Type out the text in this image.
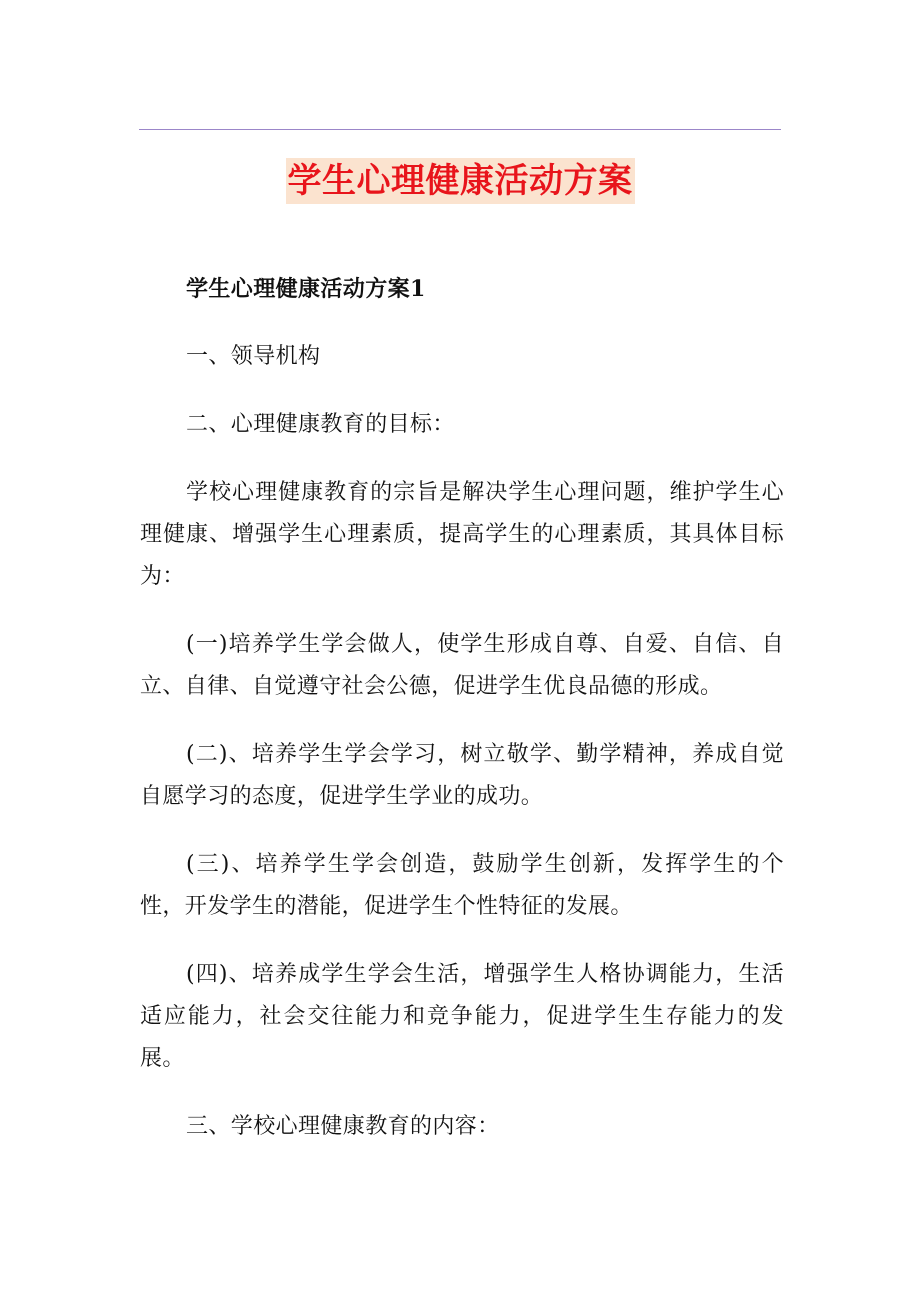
学生心理健康活动方案

学生心理健康活动方案1

一、领导机构

二、心理健康教育的目标：

学校心理健康教育的宗旨是解决学生心理问题，维护学生心理健康、增强学生心理素质，提高学生的心理素质，其具体目标为：

(一)培养学生学会做人，使学生形成自尊、自爱、自信、自立、自律、自觉遵守社会公德，促进学生优良品德的形成。

(二)、培养学生学会学习，树立敬学、勤学精神，养成自觉自愿学习的态度，促进学生学业的成功。

(三)、培养学生学会创造，鼓励学生创新，发挥学生的个性，开发学生的潜能，促进学生个性特征的发展。

(四)、培养成学生学会生活，增强学生人格协调能力，生活适应能力，社会交往能力和竞争能力，促进学生生存能力的发展。

三、学校心理健康教育的内容：
